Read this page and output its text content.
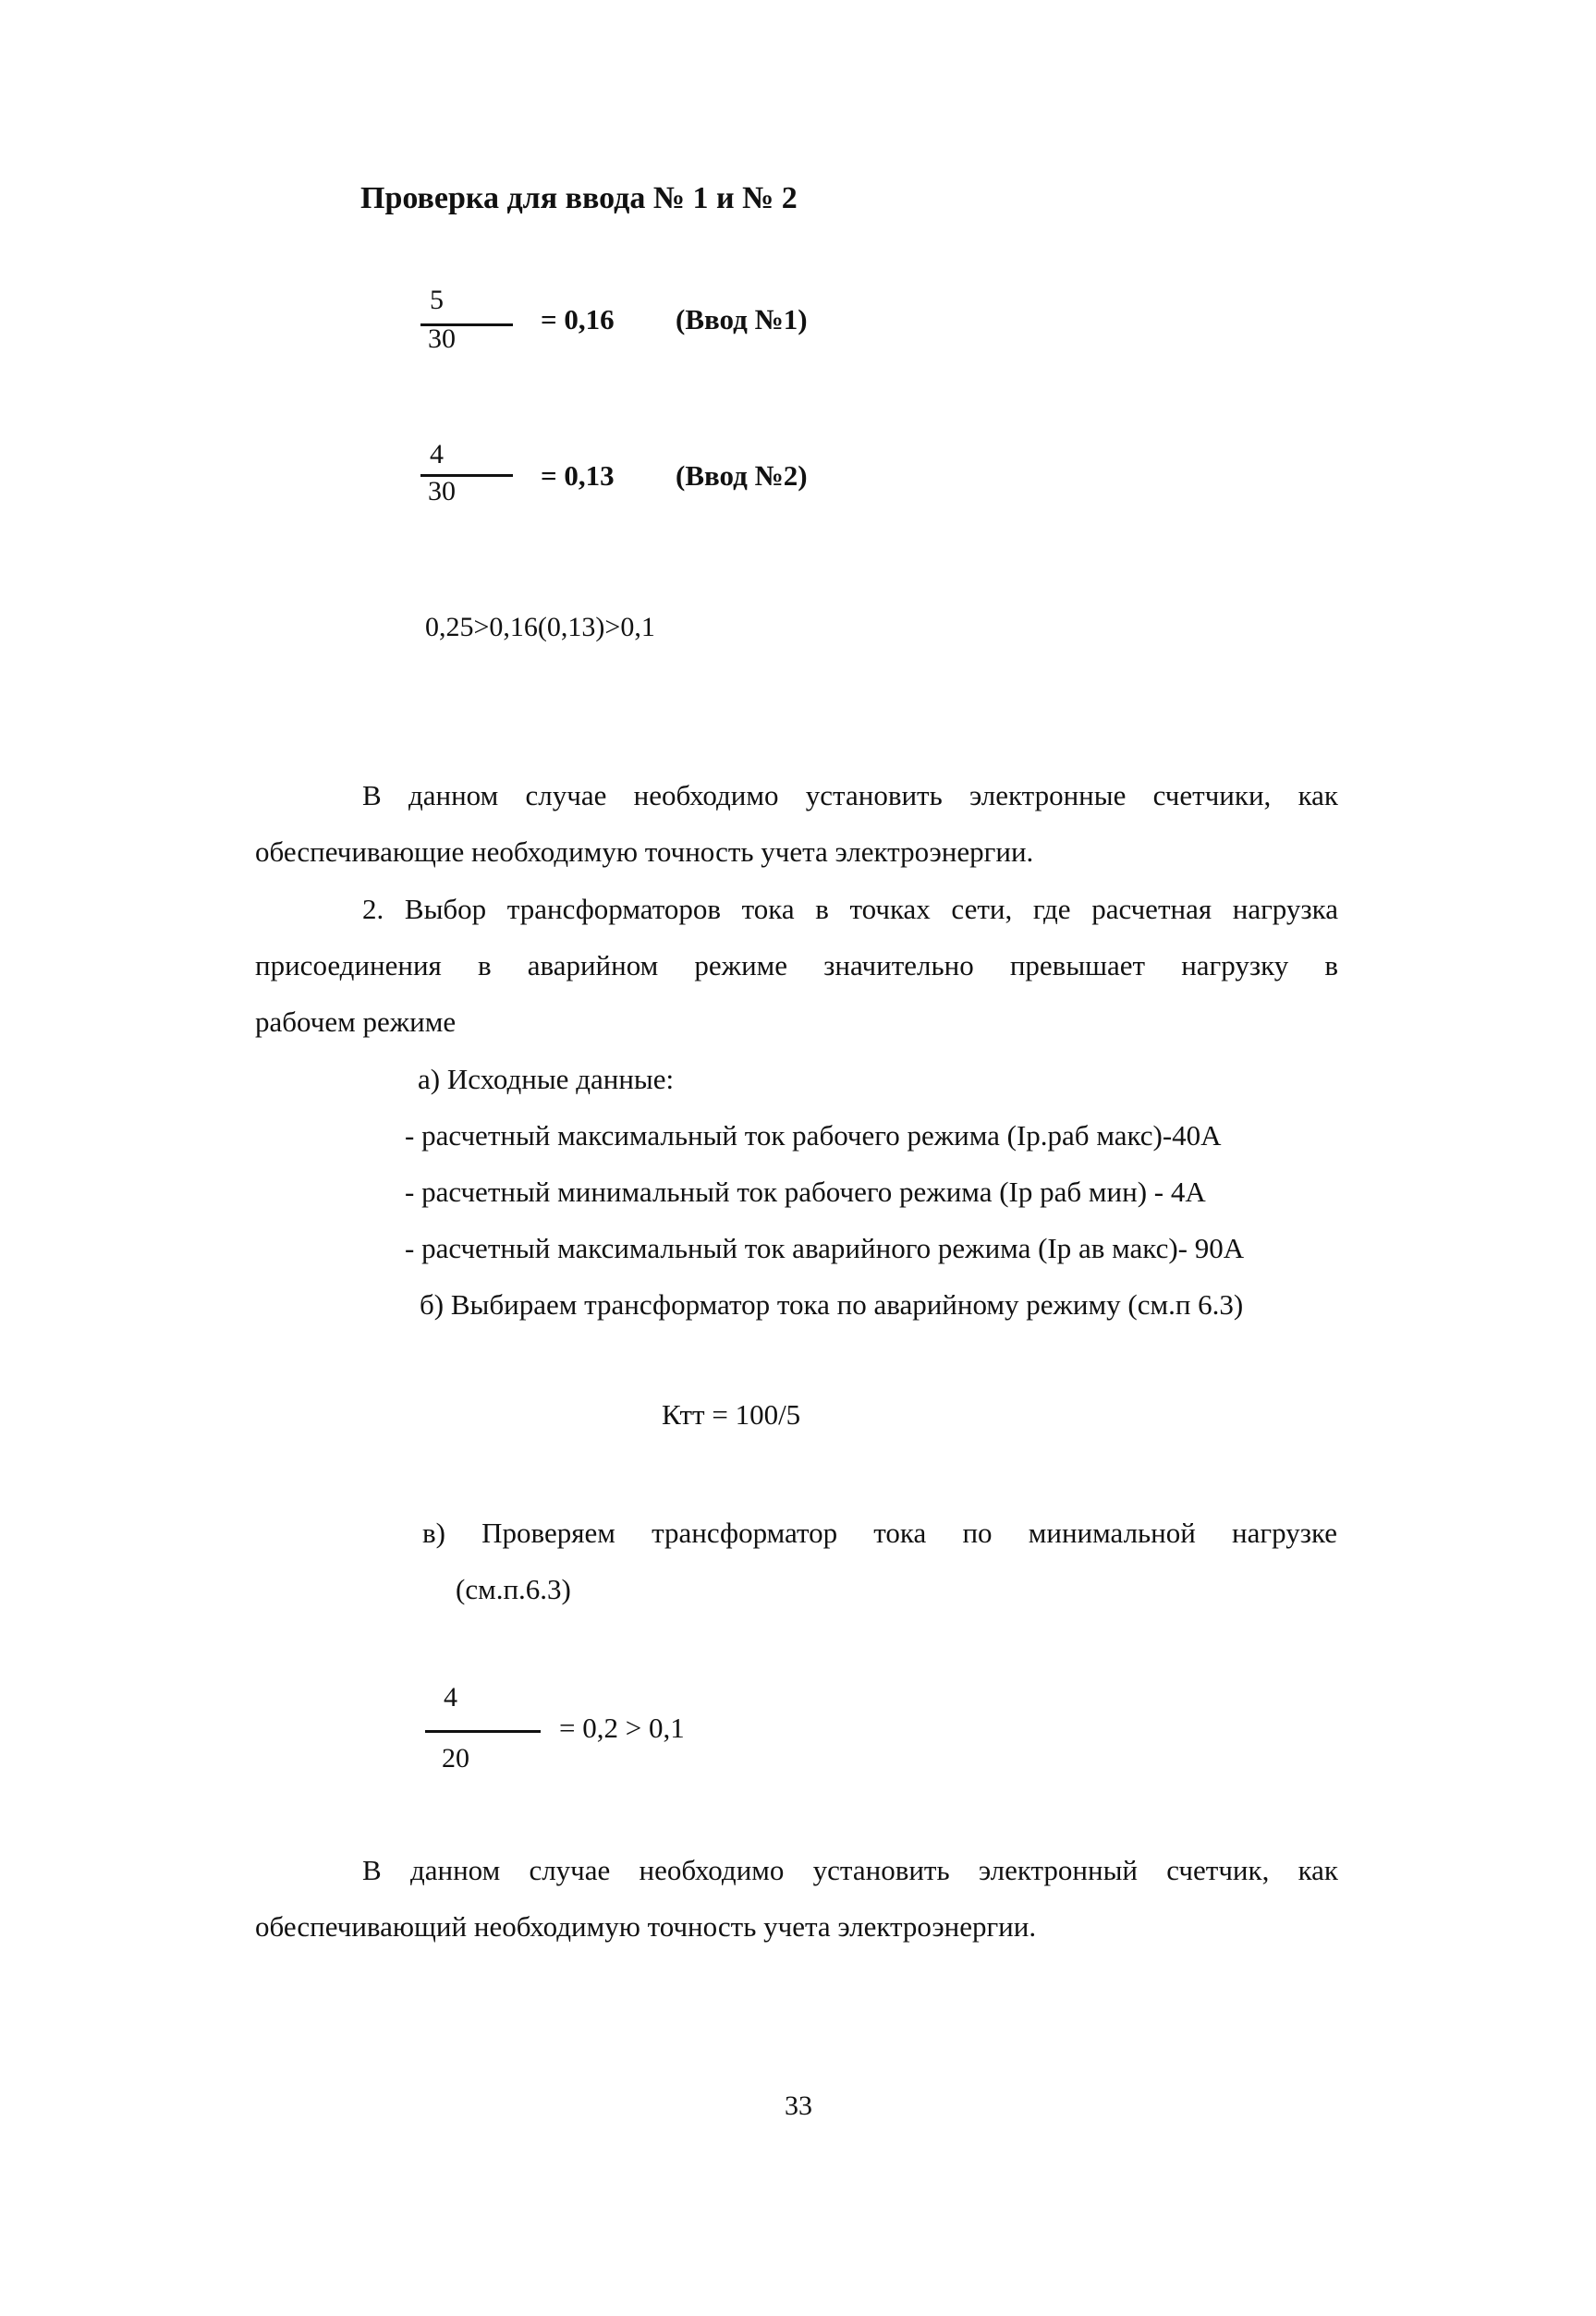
Проверка для ввода № 1 и № 2
5
30
= 0,16 (Ввод №1)
4
30	= 0,13 (Ввод №2)
0,25>0,16(0,13)>0,1
В данном случае необходимо установить электронные счетчики, как
обеспечивающие необходимую точность учета электроэнергии.
2. Выбор трансформаторов тока в точках сети, где расчетная нагрузка
присоединения в аварийном режиме значительно превышает нагрузку в
рабочем режиме
а) Исходные данные:
- расчетный максимальный ток рабочего режима (Iр.раб макс)-40А
- расчетный минимальный ток рабочего режима (Iр раб мин) - 4А
- расчетный максимальный ток аварийного режима (Iр ав макс)- 90А
б) Выбираем трансформатор тока по аварийному режиму (см.п 6.3)
Ктт = 100/5
в) Проверяем трансформатор тока по минимальной нагрузке
(см.п.6.3)
4
20
= 0,2 > 0,1
В данном случае необходимо установить электронный счетчик, как
обеспечивающий необходимую точность учета электроэнергии.
33
